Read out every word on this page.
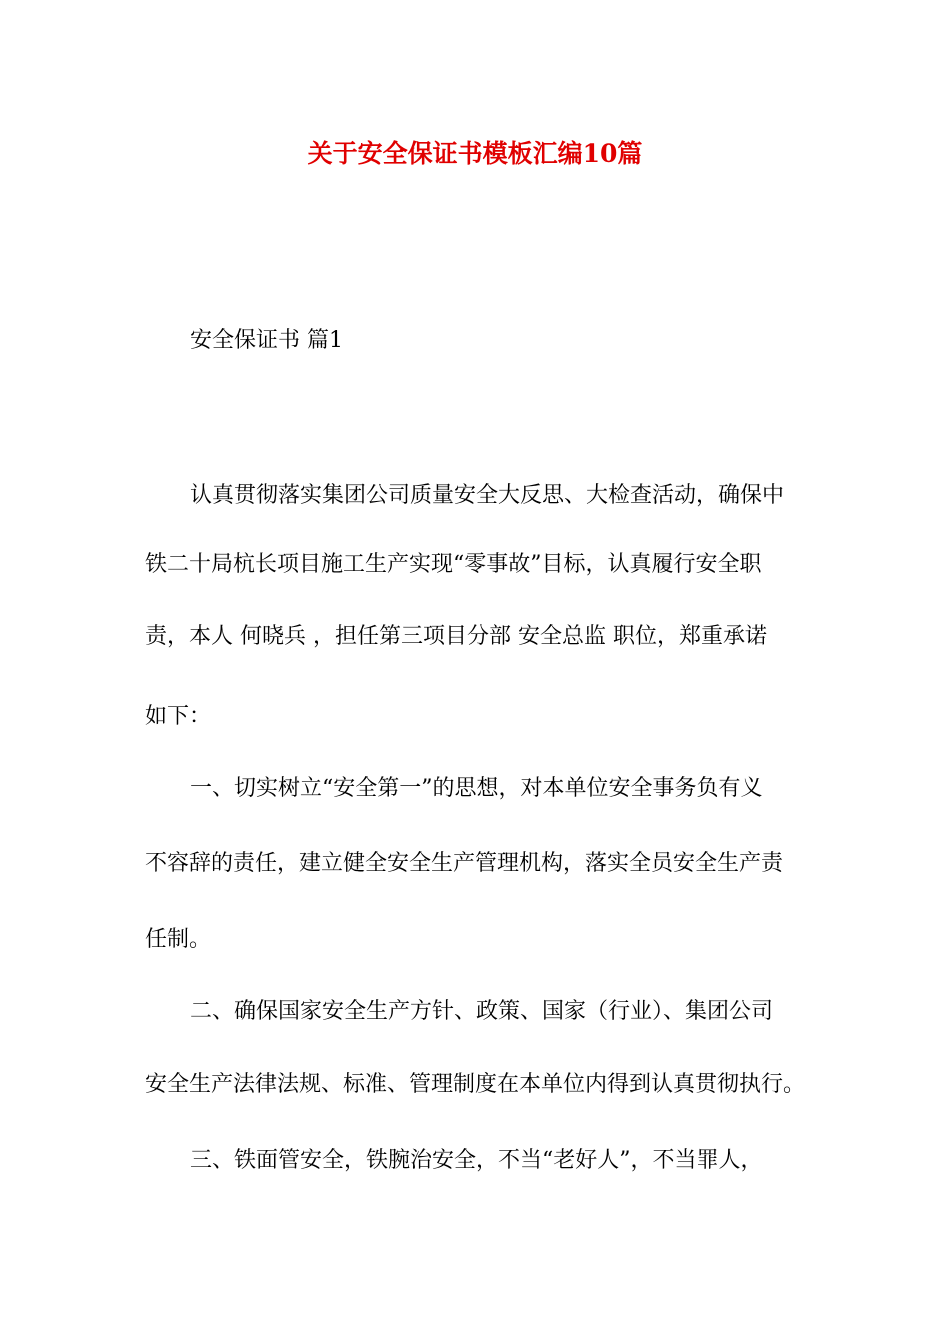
关于安全保证书模板汇编10篇

安全保证书 篇1

认真贯彻落实集团公司质量安全大反思、大检查活动，确保中

铁二十局杭长项目施工生产实现“零事故”目标，认真履行安全职

责，本人 何晓兵 ，担任第三项目分部 安全总监 职位，郑重承诺

如下：

一、切实树立“安全第一”的思想，对本单位安全事务负有义

不容辞的责任，建立健全安全生产管理机构，落实全员安全生产责

任制。

二、确保国家安全生产方针、政策、国家（行业）、集团公司

安全生产法律法规、标准、管理制度在本单位内得到认真贯彻执行。

三、铁面管安全，铁腕治安全，不当“老好人”，不当罪人，
